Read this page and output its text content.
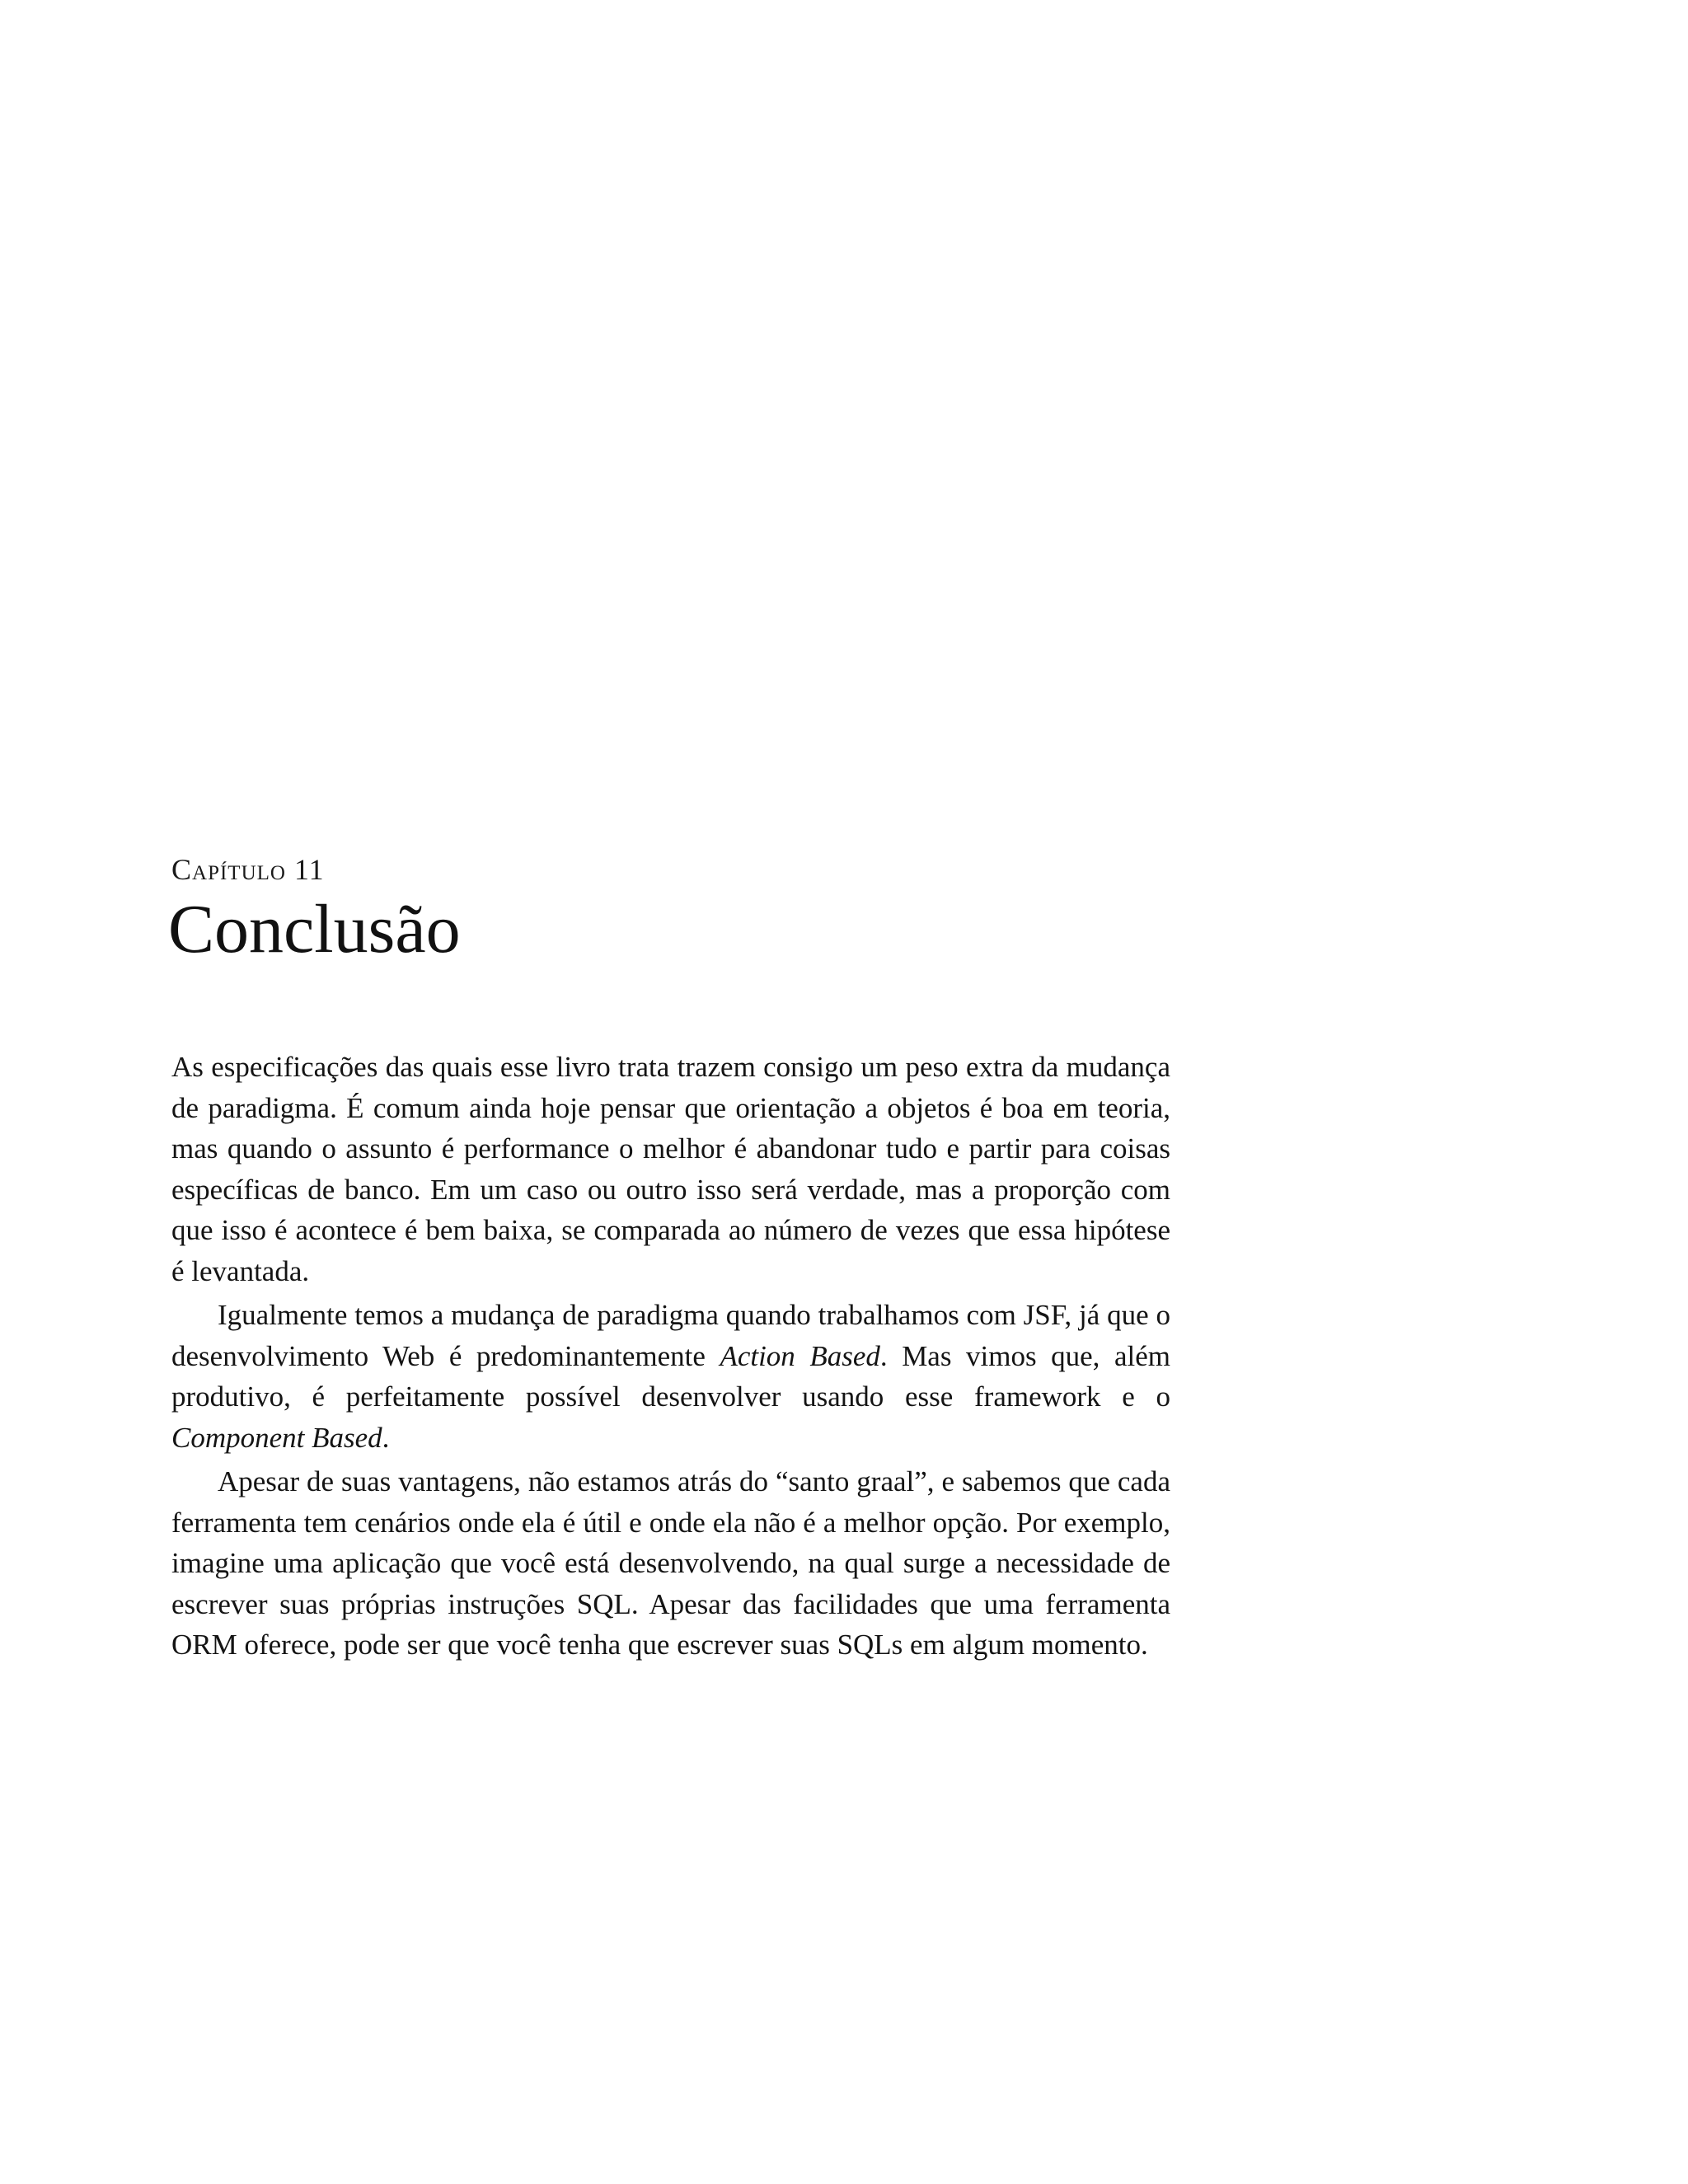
Capítulo 11
Conclusão

As especificações das quais esse livro trata trazem consigo um peso extra da mudança de paradigma. É comum ainda hoje pensar que orientação a objetos é boa em teoria, mas quando o assunto é performance o melhor é abandonar tudo e partir para coisas específicas de banco. Em um caso ou outro isso será verdade, mas a proporção com que isso é acontece é bem baixa, se comparada ao número de vezes que essa hipótese é levantada.

Igualmente temos a mudança de paradigma quando trabalhamos com JSF, já que o desenvolvimento Web é predominantemente Action Based. Mas vimos que, além produtivo, é perfeitamente possível desenvolver usando esse framework e o Component Based.

Apesar de suas vantagens, não estamos atrás do “santo graal”, e sabemos que cada ferramenta tem cenários onde ela é útil e onde ela não é a melhor opção. Por exemplo, imagine uma aplicação que você está desenvolvendo, na qual surge a necessidade de escrever suas próprias instruções SQL. Apesar das facilidades que uma ferramenta ORM oferece, pode ser que você tenha que escrever suas SQLs em algum momento.
